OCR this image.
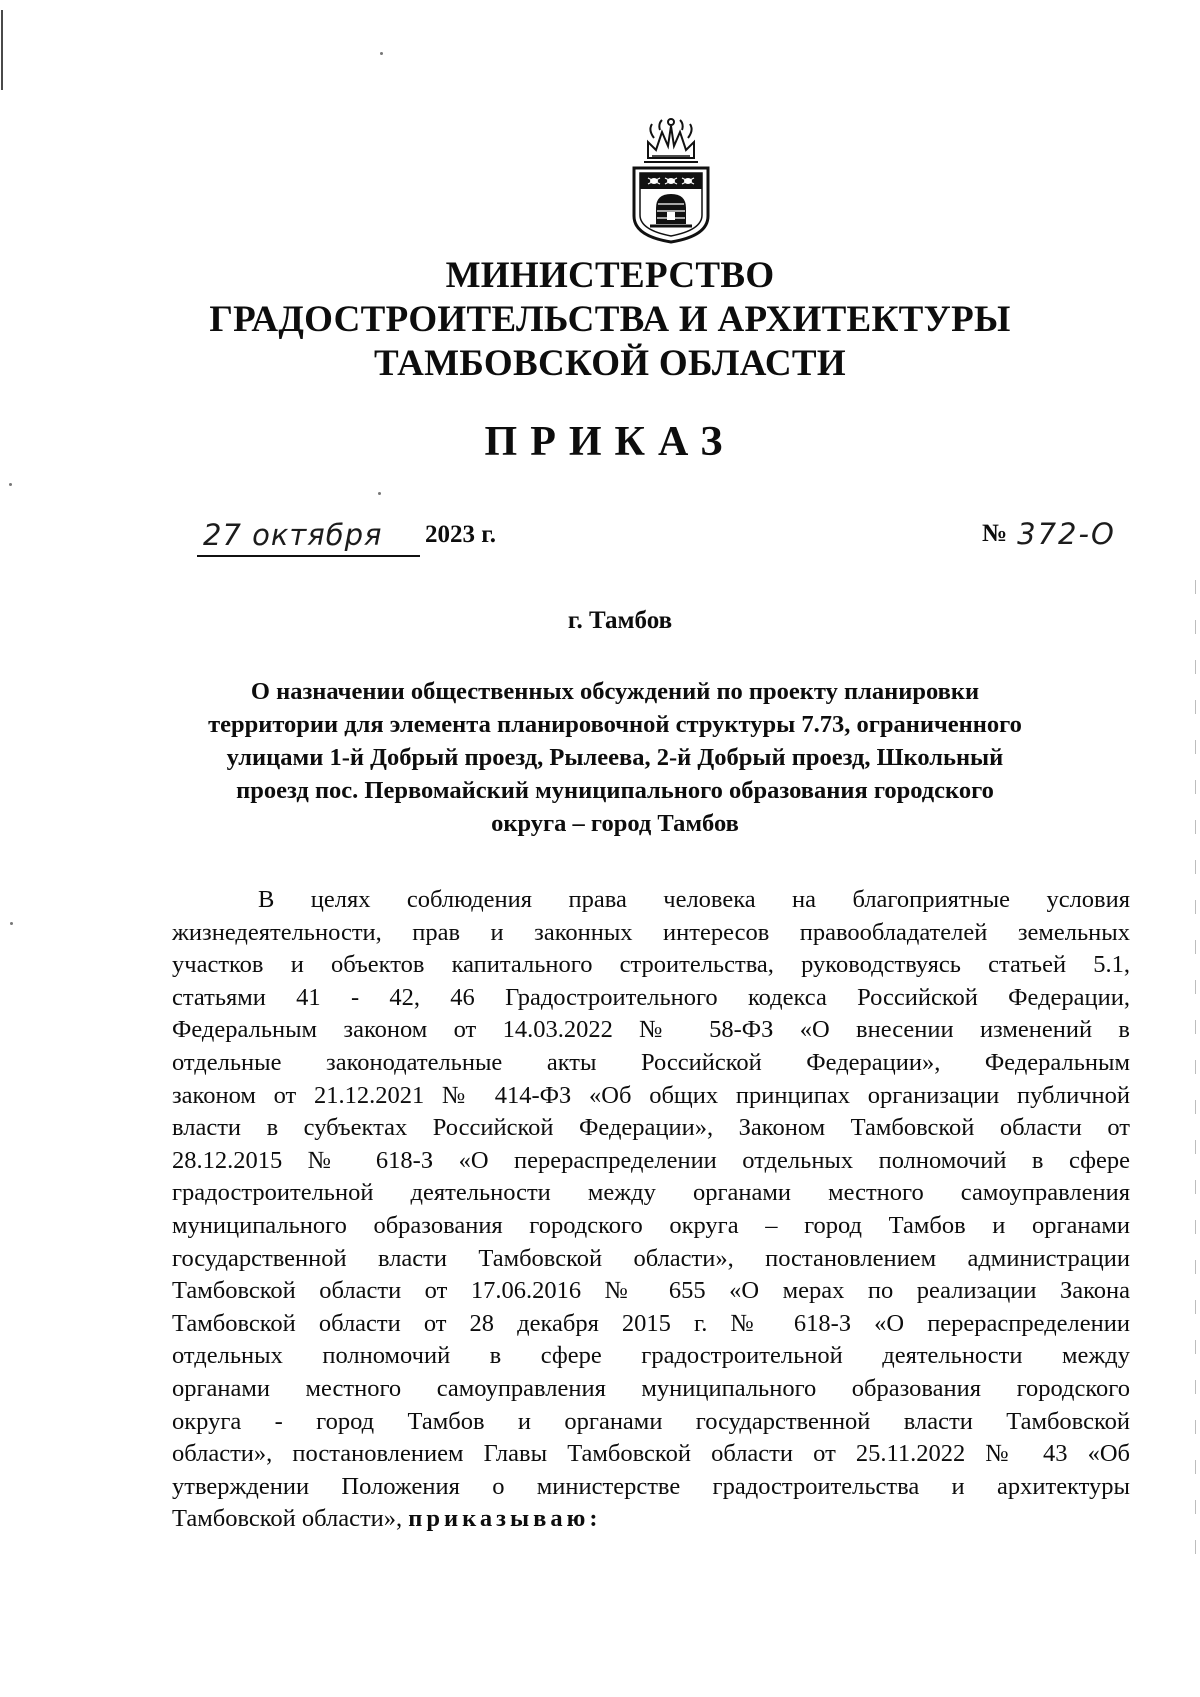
МИНИСТЕРСТВО
ГРАДОСТРОИТЕЛЬСТВА И АРХИТЕКТУРЫ
ТАМБОВСКОЙ ОБЛАСТИ
ПРИКАЗ
27 октября	2023 г.	№ 372-О
г. Тамбов
О назначении общественных обсуждений по проекту планировки
территории для элемента планировочной структуры 7.73, ограниченного
улицами 1-й Добрый проезд, Рылеева, 2-й Добрый проезд, Школьный
проезд пос. Первомайский муниципального образования городского
округа – город Тамбов
В целях соблюдения права человека на благоприятные условия
жизнедеятельности, прав и законных интересов правообладателей земельных
участков и объектов капитального строительства, руководствуясь статьей 5.1,
статьями 41 - 42, 46 Градостроительного кодекса Российской Федерации,
Федеральным законом от 14.03.2022 № 58-ФЗ «О внесении изменений в
отдельные законодательные акты Российской Федерации», Федеральным
законом от 21.12.2021 № 414-ФЗ «Об общих принципах организации публичной
власти в субъектах Российской Федерации», Законом Тамбовской области от
28.12.2015 № 618-З «О перераспределении отдельных полномочий в сфере
градостроительной деятельности между органами местного самоуправления
муниципального образования городского округа – город Тамбов и органами
государственной власти Тамбовской области», постановлением администрации
Тамбовской области от 17.06.2016 № 655 «О мерах по реализации Закона
Тамбовской области от 28 декабря 2015 г. № 618-З «О перераспределении
отдельных полномочий в сфере градостроительной деятельности между
органами местного самоуправления муниципального образования городского
округа - город Тамбов и органами государственной власти Тамбовской
области», постановлением Главы Тамбовской области от 25.11.2022 № 43 «Об
утверждении Положения о министерстве градостроительства и архитектуры
Тамбовской области», приказываю:
